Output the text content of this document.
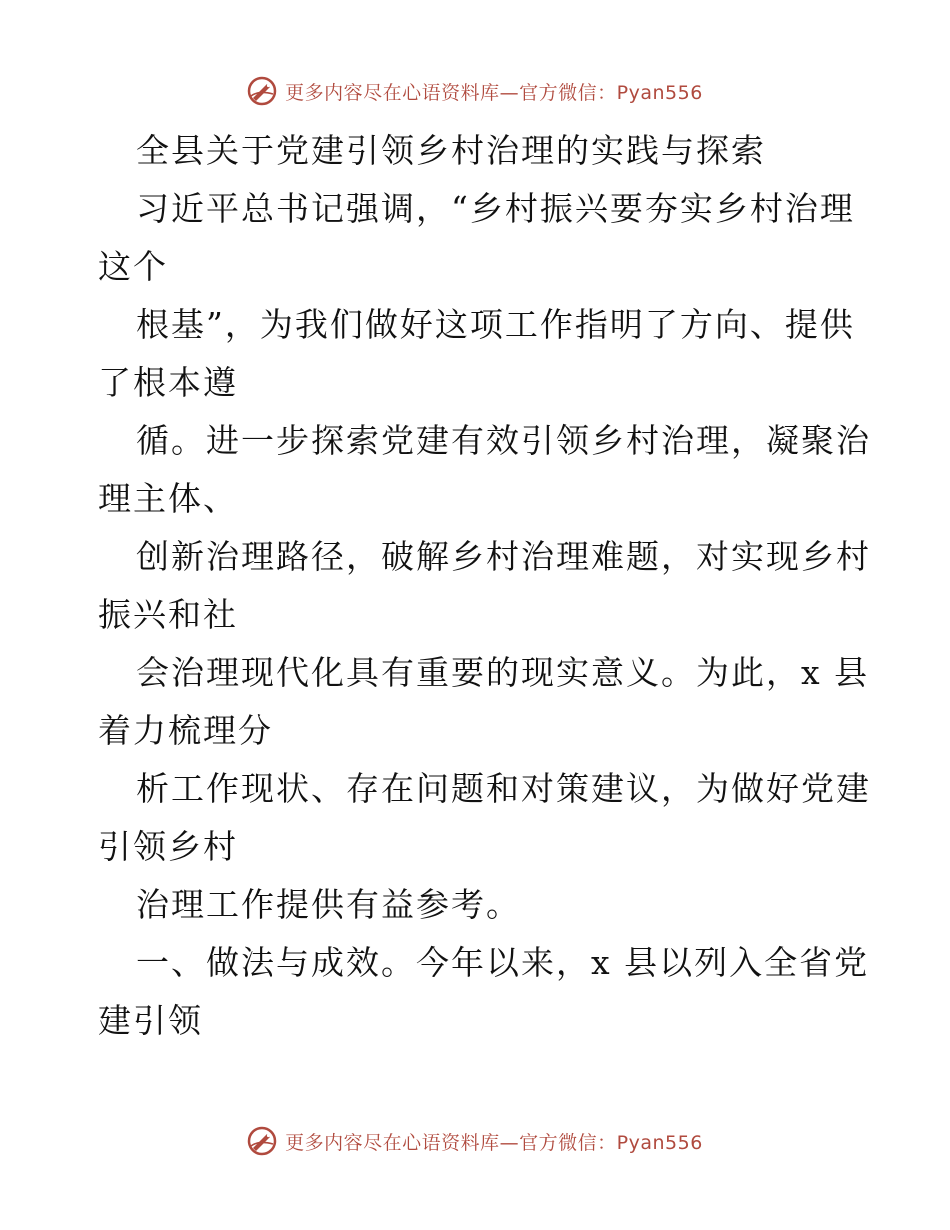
更多内容尽在心语资料库—官方微信：Pyan556
全县关于党建引领乡村治理的实践与探索
习近平总书记强调，“乡村振兴要夯实乡村治理
这个
根基”，为我们做好这项工作指明了方向、提供
了根本遵
循。进一步探索党建有效引领乡村治理，凝聚治
理主体、
创新治理路径，破解乡村治理难题，对实现乡村
振兴和社
会治理现代化具有重要的现实意义。为此，x 县
着力梳理分
析工作现状、存在问题和对策建议，为做好党建
引领乡村
治理工作提供有益参考。
一、做法与成效。今年以来，x 县以列入全省党
建引领
更多内容尽在心语资料库—官方微信：Pyan556
